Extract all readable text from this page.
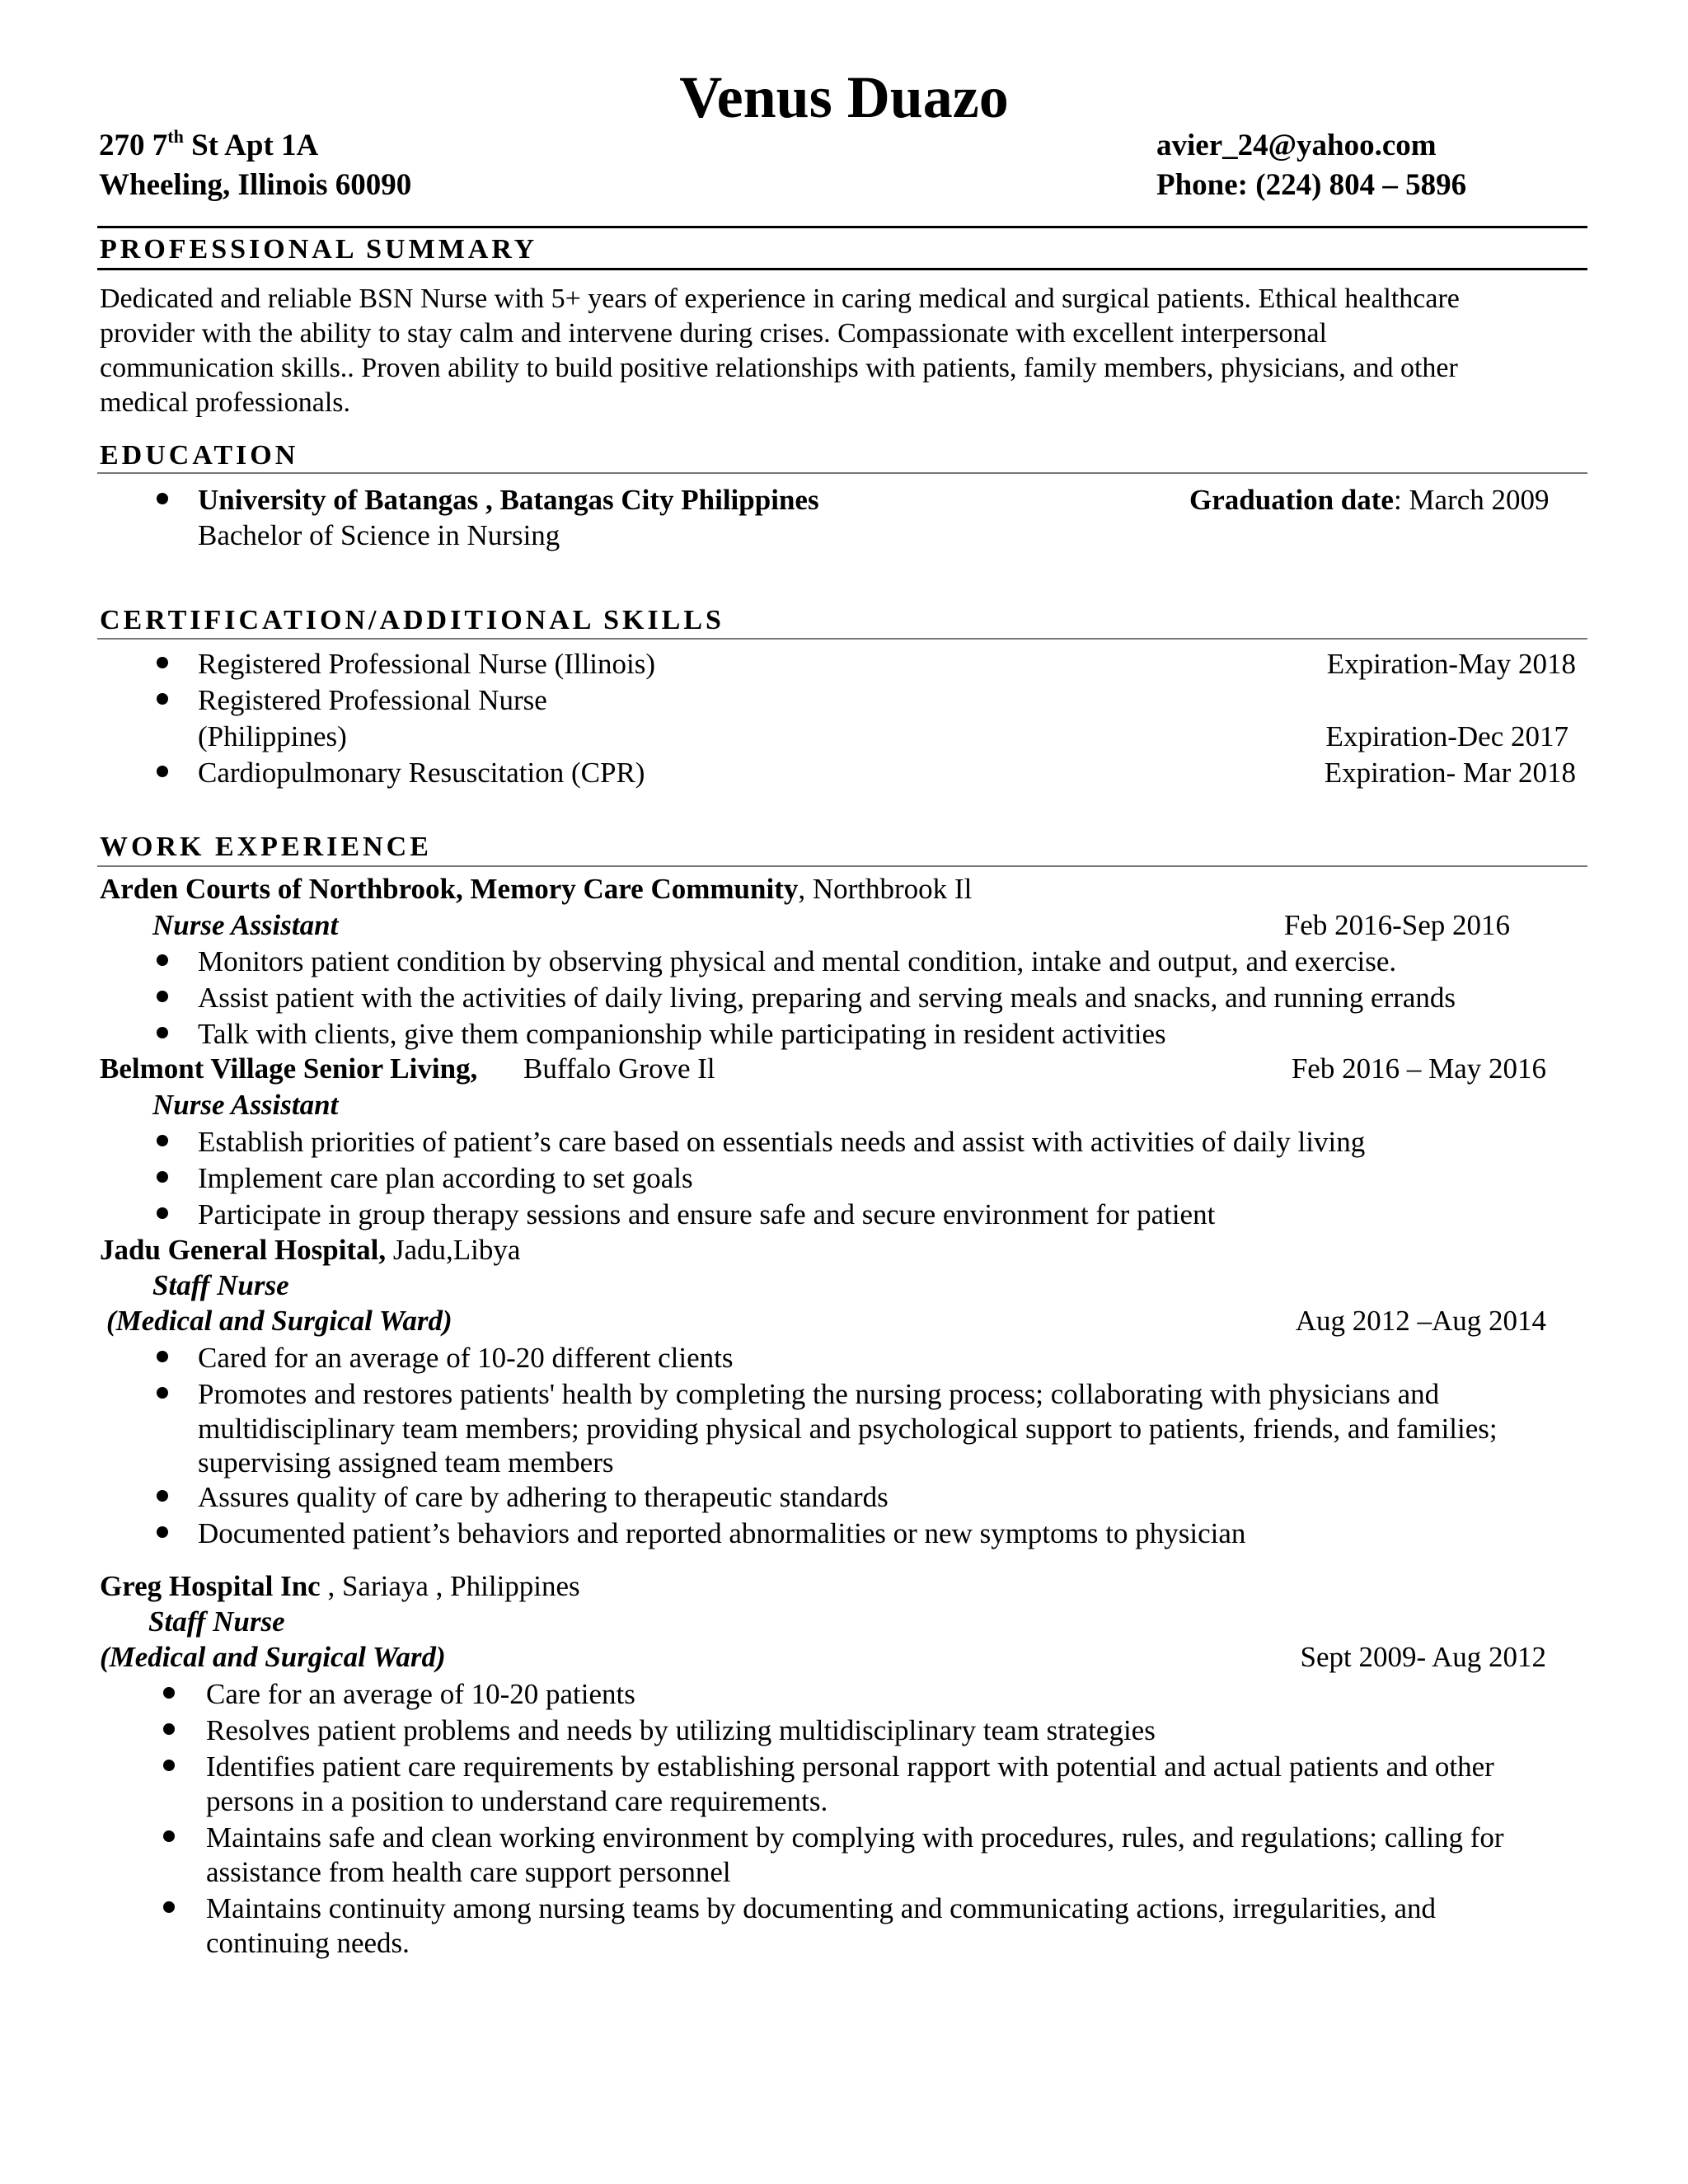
Venus Duazo
270 7th St Apt 1A
Wheeling, Illinois 60090
avier_24@yahoo.com
Phone: (224) 804 – 5896
PROFESSIONAL SUMMARY
Dedicated and reliable BSN Nurse with 5+ years of experience in caring medical and surgical patients. Ethical healthcare
provider with the ability to stay calm and intervene during crises. Compassionate with excellent interpersonal
communication skills.. Proven ability to build positive relationships with patients, family members, physicians, and other
medical professionals.
EDUCATION
University of Batangas , Batangas City Philippines	Graduation date: March 2009
Bachelor of Science in Nursing
CERTIFICATION/ADDITIONAL SKILLS
Registered Professional Nurse (Illinois)	Expiration-May 2018
Registered Professional Nurse
(Philippines)	Expiration-Dec 2017
Cardiopulmonary Resuscitation (CPR)	Expiration- Mar 2018
WORK EXPERIENCE
Arden Courts of Northbrook, Memory Care Community, Northbrook Il
Nurse Assistant	Feb 2016-Sep 2016
Monitors patient condition by observing physical and mental condition, intake and output, and exercise.
Assist patient with the activities of daily living, preparing and serving meals and snacks, and running errands
Talk with clients, give them companionship while participating in resident activities
Belmont Village Senior Living, Buffalo Grove Il	Feb 2016 – May 2016
Nurse Assistant
Establish priorities of patient’s care based on essentials needs and assist with activities of daily living
Implement care plan according to set goals
Participate in group therapy sessions and ensure safe and secure environment for patient
Jadu General Hospital, Jadu,Libya
Staff Nurse
(Medical and Surgical Ward)	Aug 2012 –Aug 2014
Cared for an average of 10-20 different clients
Promotes and restores patients' health by completing the nursing process; collaborating with physicians and
multidisciplinary team members; providing physical and psychological support to patients, friends, and families;
supervising assigned team members
Assures quality of care by adhering to therapeutic standards
Documented patient’s behaviors and reported abnormalities or new symptoms to physician
Greg Hospital Inc , Sariaya , Philippines
Staff Nurse
(Medical and Surgical Ward)	Sept 2009- Aug 2012
Care for an average of 10-20 patients
Resolves patient problems and needs by utilizing multidisciplinary team strategies
Identifies patient care requirements by establishing personal rapport with potential and actual patients and other
persons in a position to understand care requirements.
Maintains safe and clean working environment by complying with procedures, rules, and regulations; calling for
assistance from health care support personnel
Maintains continuity among nursing teams by documenting and communicating actions, irregularities, and
continuing needs.
